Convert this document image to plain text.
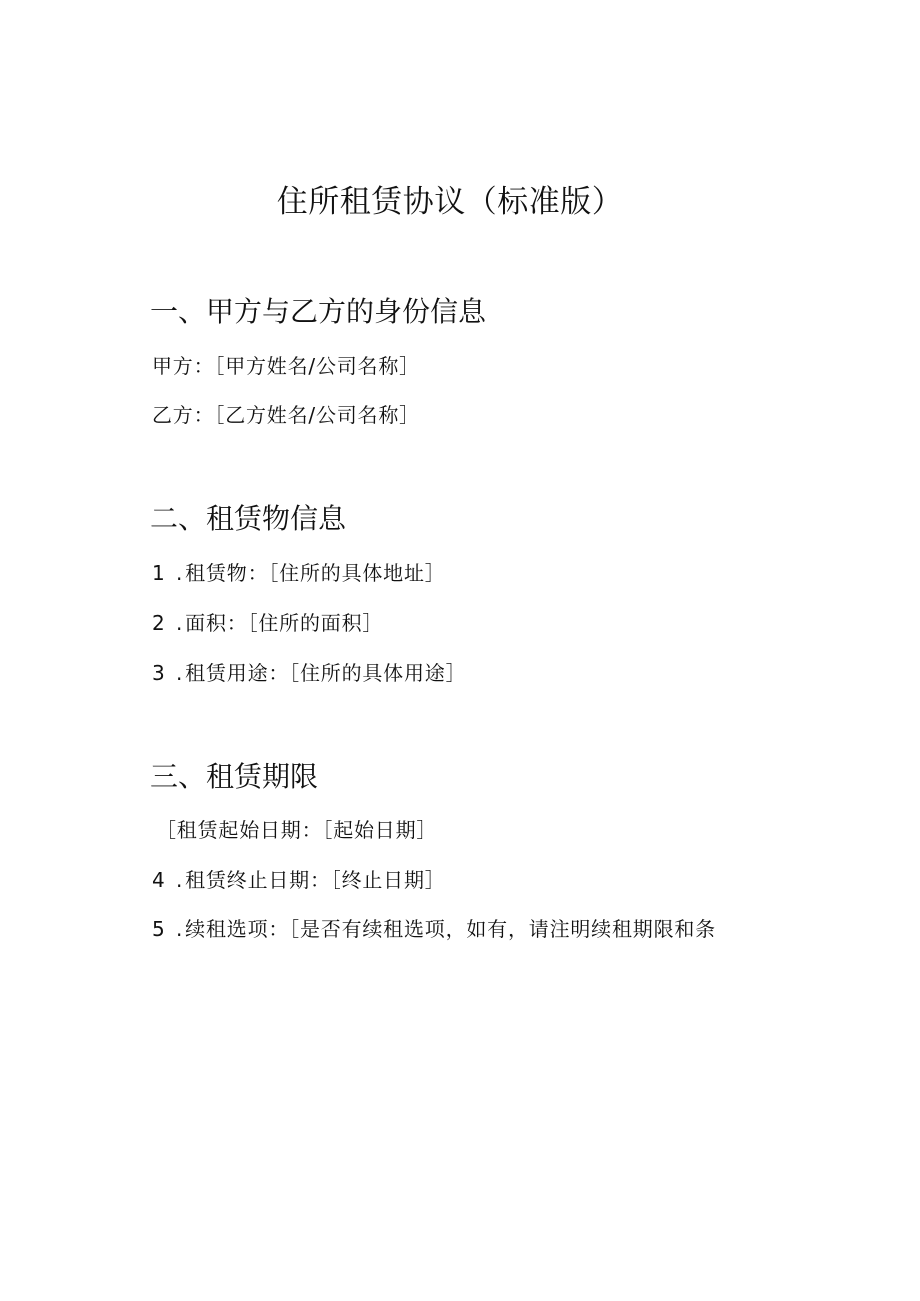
住所租赁协议（标准版）
一、甲方与乙方的身份信息
甲方：［甲方姓名/公司名称］
乙方：［乙方姓名/公司名称］
二、租赁物信息
1 . 租赁物：［住所的具体地址］
2 . 面积：［住所的面积］
3 . 租赁用途：［住所的具体用途］
三、租赁期限
［租赁起始日期：［起始日期］
4 . 租赁终止日期：［终止日期］
5 . 续租选项：［是否有续租选项，如有，请注明续租期限和条
